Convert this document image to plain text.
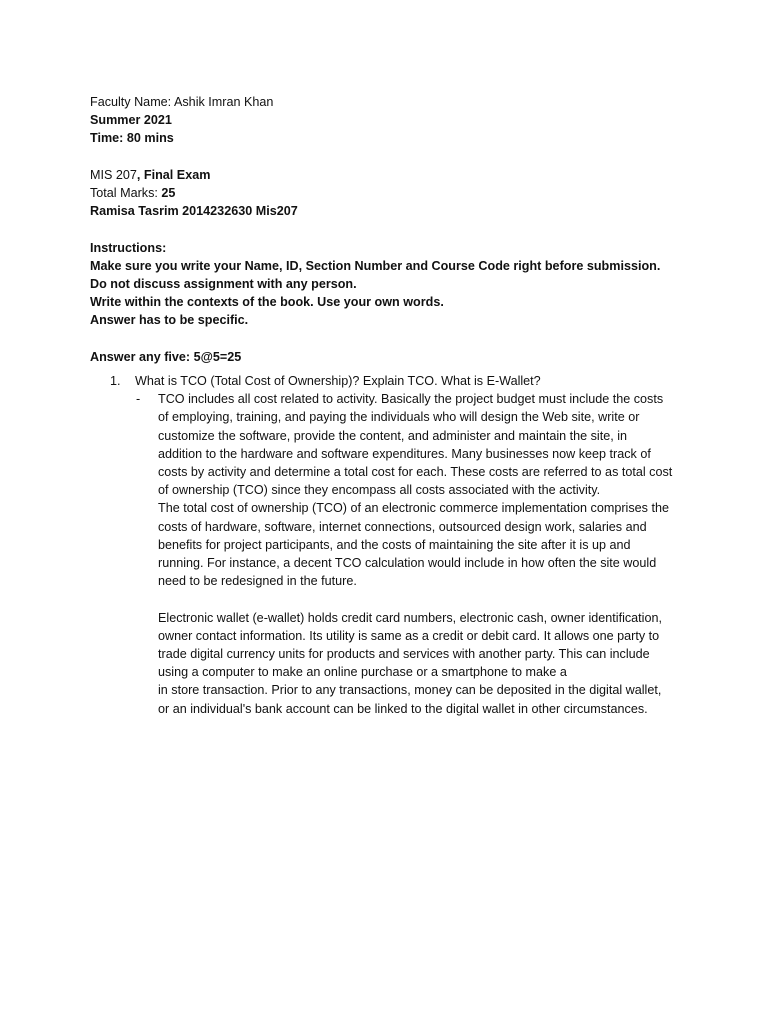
Faculty Name: Ashik Imran Khan
Summer 2021
Time: 80 mins
MIS 207, Final Exam
Total Marks: 25
Ramisa Tasrim 2014232630 Mis207
Instructions:
Make sure you write your Name, ID, Section Number and Course Code right before submission.
Do not discuss assignment with any person.
Write within the contexts of the book. Use your own words.
Answer has to be specific.
Answer any five: 5@5=25
1. What is TCO (Total Cost of Ownership)? Explain TCO. What is E-Wallet?
- TCO includes all cost related to activity. Basically the project budget must include the costs
of employing, training, and paying the individuals who will design the Web site, write or
customize the software, provide the content, and administer and maintain the site, in
addition to the hardware and software expenditures. Many businesses now keep track of
costs by activity and determine a total cost for each. These costs are referred to as total cost
of ownership (TCO) since they encompass all costs associated with the activity.
The total cost of ownership (TCO) of an electronic commerce implementation comprises the
costs of hardware, software, internet connections, outsourced design work, salaries and
benefits for project participants, and the costs of maintaining the site after it is up and
running. For instance, a decent TCO calculation would include in how often the site would
need to be redesigned in the future.
Electronic wallet (e-wallet) holds credit card numbers, electronic cash, owner identification,
owner contact information. Its utility is same as a credit or debit card. It allows one party to
trade digital currency units for products and services with another party. This can include
using a computer to make an online purchase or a smartphone to make a
in store transaction. Prior to any transactions, money can be deposited in the digital wallet,
or an individual's bank account can be linked to the digital wallet in other circumstances.
